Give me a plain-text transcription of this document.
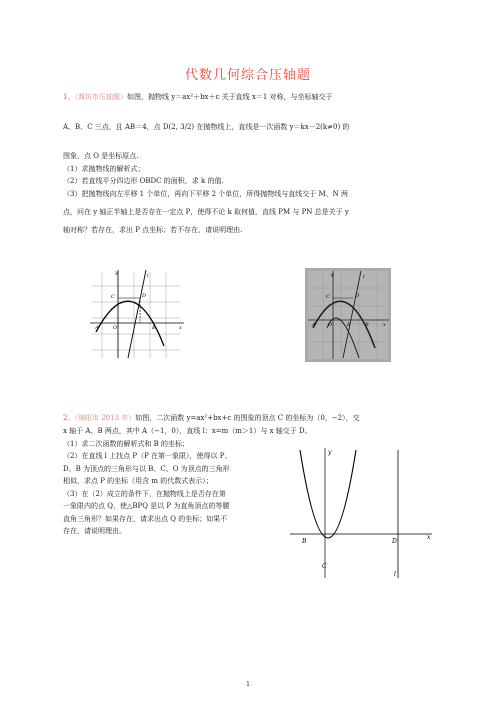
代数几何综合压轴题
1、（潍坊市压轴题）如图，抛物线 y＝ax²＋bx＋c 关于直线 x＝1 对称，与坐标轴交于
A、B、C 三点，且 AB＝4，点 D(2, 3/2) 在抛物线上，直线是一次函数 y＝kx－2(k≠0) 的
图象，点 O 是坐标原点.
（1）求抛物线的解析式；
（2）若直线平分四边形 OBDC 的面积，求 k 的值.
（3）把抛物线向左平移 1 个单位，再向下平移 2 个单位，所得抛物线与直线交于 M、N 两
点，问在 y 轴正半轴上是否存在一定点 P，使得不论 k 取何值，直线 PM 与 PN 总是关于 y
轴对称？若存在，求出 P 点坐标；若不存在，请说明理由.
y	l
C	D
A	O	B	x
y	l
C	D
A O	E	B	x
2、（绵阳市 2013 年）如图，二次函数 y=ax²+bx+c 的图象的顶点 C 的坐标为（0，−2），交
x 轴于 A、B 两点，其中 A（−1，0），直线 l：x=m（m＞1）与 x 轴交于 D。
（1）求二次函数的解析式和 B 的坐标；
（2）在直线 l 上找点 P（P 在第一象限），使得以 P、
D、B 为顶点的三角形与以 B、C、O 为顶点的三角形
相似，求点 P 的坐标（用含 m 的代数式表示）；
（3）在（2）成立的条件下，在抛物线上是否存在第
一象限内的点 Q，使△BPQ 是以 P 为直角顶点的等腰
直角三角形？如果存在，请求出点 Q 的坐标；如果不
存在，请说明理由。
y
B	D
x
C
l
1
